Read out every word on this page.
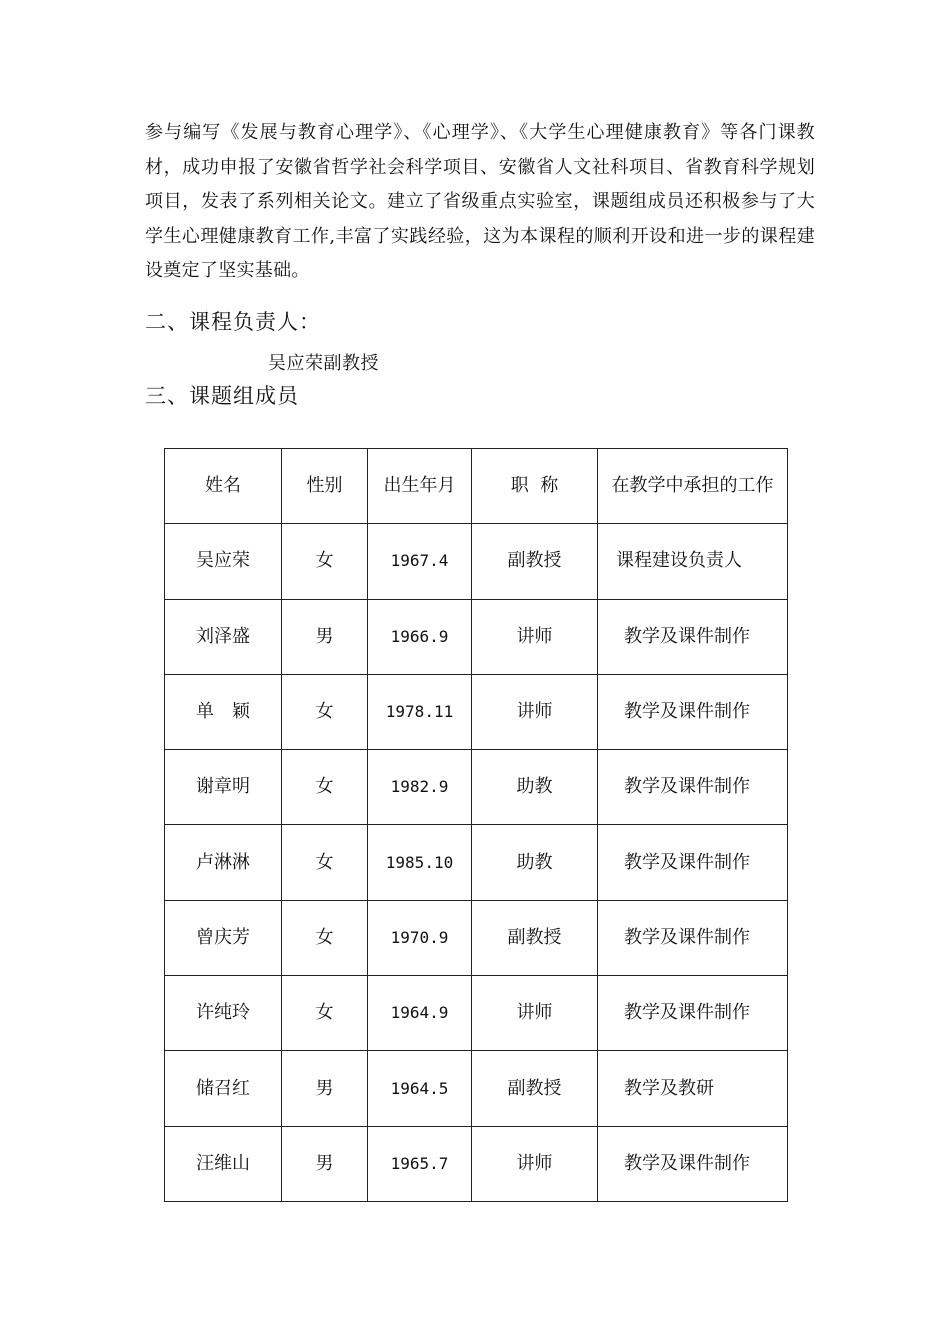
参与编写《发展与教育心理学》、《心理学》、《大学生心理健康教育》等各门课教材，成功申报了安徽省哲学社会科学项目、安徽省人文社科项目、省教育科学规划项目，发表了系列相关论文。建立了省级重点实验室，课题组成员还积极参与了大学生心理健康教育工作,丰富了实践经验，这为本课程的顺利开设和进一步的课程建设奠定了坚实基础。

二、课程负责人：

吴应荣副教授

三、课题组成员

姓名	性别	出生年月	职  称	在教学中承担的工作
吴应荣	女	1967.4	副教授	课程建设负责人
刘泽盛	男	1966.9	讲师	教学及课件制作
单　颖	女	1978.11	讲师	教学及课件制作
谢章明	女	1982.9	助教	教学及课件制作
卢淋淋	女	1985.10	助教	教学及课件制作
曾庆芳	女	1970.9	副教授	教学及课件制作
许纯玲	女	1964.9	讲师	教学及课件制作
储召红	男	1964.5	副教授	教学及教研
汪维山	男	1965.7	讲师	教学及课件制作
